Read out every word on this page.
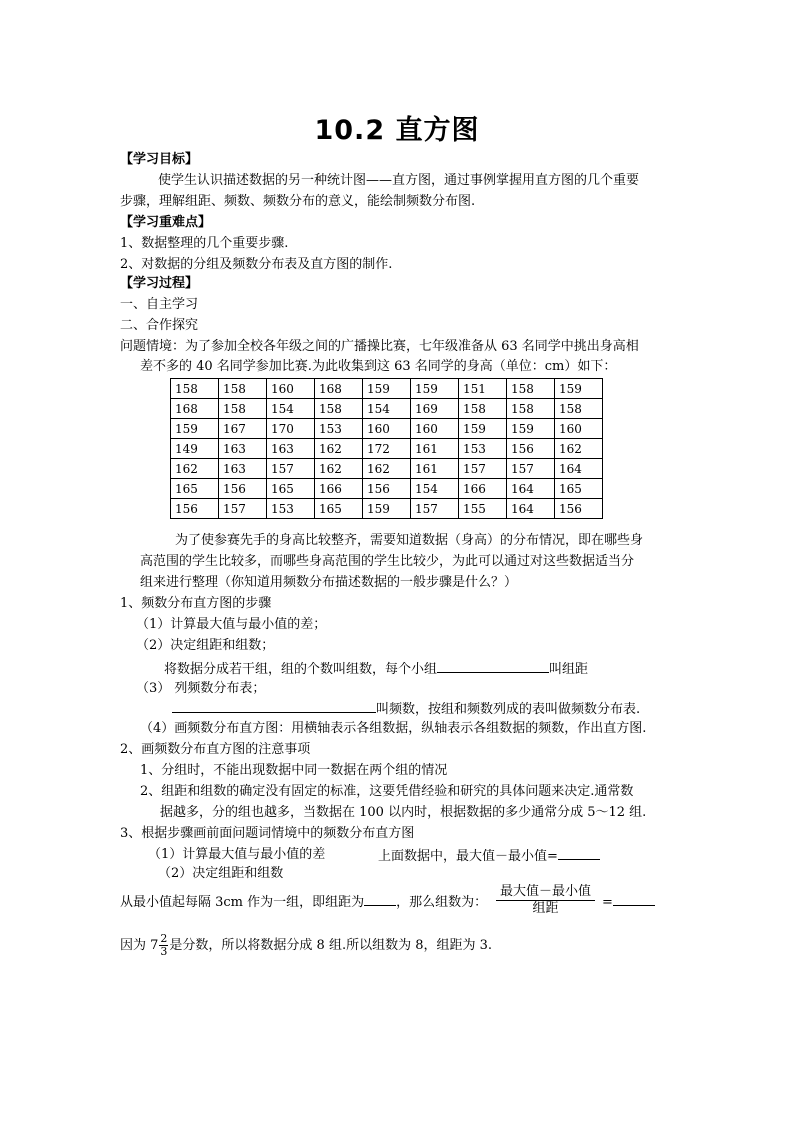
10.2 直方图
【学习目标】
使学生认识描述数据的另一种统计图——直方图，通过事例掌握用直方图的几个重要
步骤，理解组距、频数、频数分布的意义，能绘制频数分布图.
【学习重难点】
1、数据整理的几个重要步骤.
2、对数据的分组及频数分布表及直方图的制作.
【学习过程】
一、自主学习
二、合作探究
问题情境：为了参加全校各年级之间的广播操比赛，七年级准备从 63 名同学中挑出身高相
差不多的 40 名同学参加比赛.为此收集到这 63 名同学的身高（单位：cm）如下：
158	158	160	168	159	159	151	158	159
168	158	154	158	154	169	158	158	158
159	167	170	153	160	160	159	159	160
149	163	163	162	172	161	153	156	162
162	163	157	162	162	161	157	157	164
165	156	165	166	156	154	166	164	165
156	157	153	165	159	157	155	164	156
为了使参赛先手的身高比较整齐，需要知道数据（身高）的分布情况，即在哪些身
高范围的学生比较多，而哪些身高范围的学生比较少，为此可以通过对这些数据适当分
组来进行整理（你知道用频数分布描述数据的一般步骤是什么？）
1、频数分布直方图的步骤
（1）计算最大值与最小值的差；
（2）决定组距和组数；
将数据分成若干组，组的个数叫组数，每个小组	叫组距
（3） 列频数分布表；
叫频数，按组和频数列成的表叫做频数分布表.
（4）画频数分布直方图：用横轴表示各组数据，纵轴表示各组数据的频数，作出直方图.
2、画频数分布直方图的注意事项
1、分组时，不能出现数据中同一数据在两个组的情况
2、组距和组数的确定没有固定的标准，这要凭借经验和研究的具体问题来决定.通常数
据越多，分的组也越多，当数据在 100 以内时，根据数据的多少通常分成 5～12 组.
3、根据步骤画前面问题词情境中的频数分布直方图
（1）计算最大值与最小值的差	上面数据中，最大值－最小值=
（2）决定组距和组数
从最小值起每隔 3cm 作为一组，即组距为 ，那么组数为：
最大值－最小值
组距	=
因为 $7 \frac{2}{3}$ 是分数，所以将数据分成 8 组.所以组数为 8，组距为 3.
